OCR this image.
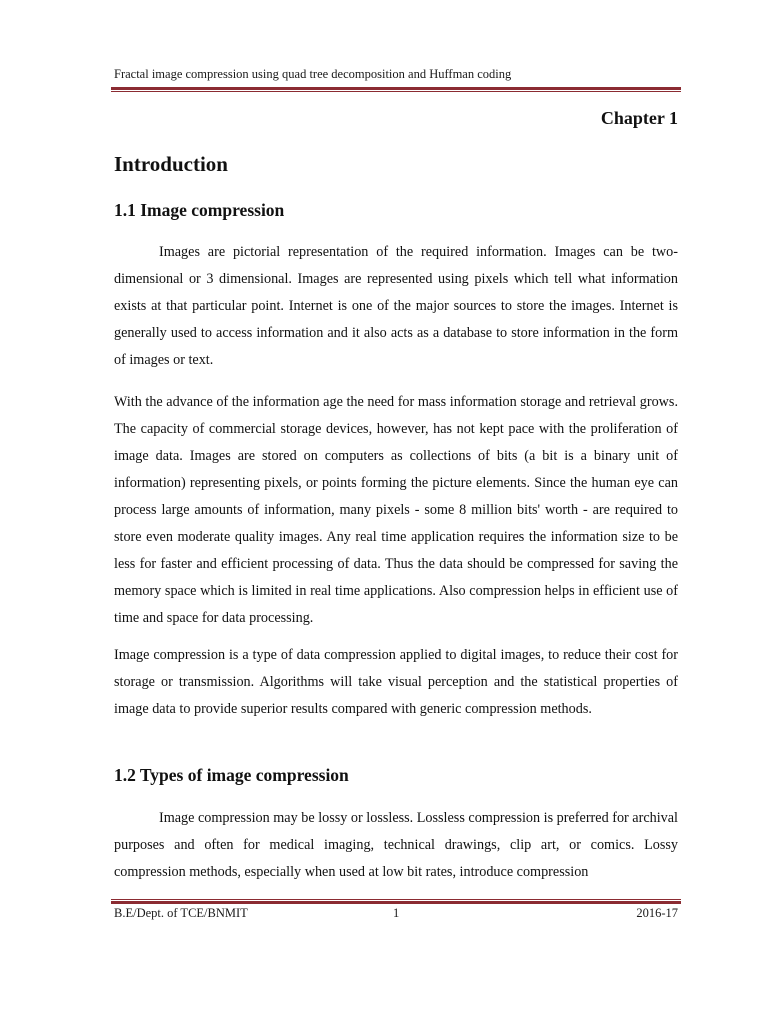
Fractal image compression using quad tree decomposition and Huffman coding
Chapter 1
Introduction
1.1 Image compression

Images are pictorial representation of the required information. Images can be two-dimensional or 3 dimensional. Images are represented using pixels which tell what information exists at that particular point. Internet is one of the major sources to store the images. Internet is generally used to access information and it also acts as a database to store information in the form of images or text.

With the advance of the information age the need for mass information storage and retrieval grows. The capacity of commercial storage devices, however, has not kept pace with the proliferation of image data. Images are stored on computers as collections of bits (a bit is a binary unit of information) representing pixels, or points forming the picture elements. Since the human eye can process large amounts of information, many pixels - some 8 million bits' worth - are required to store even moderate quality images. Any real time application requires the information size to be less for faster and efficient processing of data. Thus the data should be compressed for saving the memory space which is limited in real time applications. Also compression helps in efficient use of time and space for data processing.

Image compression is a type of data compression applied to digital images, to reduce their cost for storage or transmission. Algorithms will take visual perception and the statistical properties of image data to provide superior results compared with generic compression methods.

1.2 Types of image compression

Image compression may be lossy or lossless. Lossless compression is preferred for archival purposes and often for medical imaging, technical drawings, clip art, or comics. Lossy compression methods, especially when used at low bit rates, introduce compression

B.E/Dept. of TCE/BNMIT	1	2016-17
